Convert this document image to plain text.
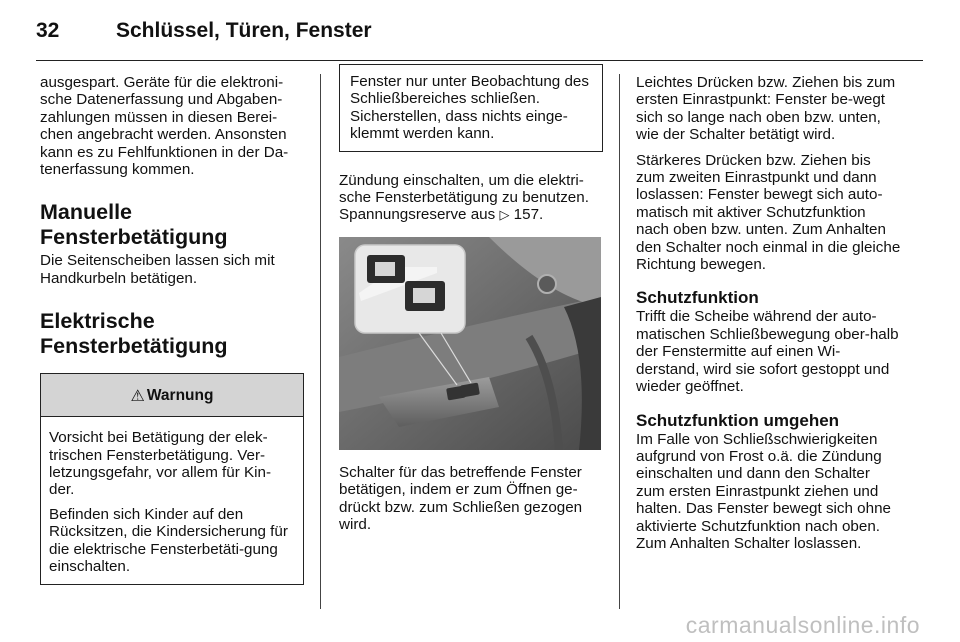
32	Schlüssel, Türen, Fenster

ausgespart. Geräte für die elektroni-sche Datenerfassung und Abgaben-zahlungen müssen in diesen Berei-chen angebracht werden. Ansonsten kann es zu Fehlfunktionen in der Da-tenerfassung kommen.

Manuelle
Fensterbetätigung

Die Seitenscheiben lassen sich mit Handkurbeln betätigen.

Elektrische
Fensterbetätigung
⚠ Warnung

Vorsicht bei Betätigung der elek-trischen Fensterbetätigung. Ver-letzungsgefahr, vor allem für Kin-der.

Befinden sich Kinder auf den Rücksitzen, die Kindersicherung für die elektrische Fensterbetäti-gung einschalten.

Fenster nur unter Beobachtung des Schließbereiches schließen. Sicherstellen, dass nichts einge-klemmt werden kann.

Zündung einschalten, um die elektri-sche Fensterbetätigung zu benutzen. Spannungsreserve aus ▷ 157.

Schalter für das betreffende Fenster betätigen, indem er zum Öffnen ge-drückt bzw. zum Schließen gezogen wird.

Leichtes Drücken bzw. Ziehen bis zum ersten Einrastpunkt: Fenster be-wegt sich so lange nach oben bzw. unten, wie der Schalter betätigt wird.

Stärkeres Drücken bzw. Ziehen bis zum zweiten Einrastpunkt und dann loslassen: Fenster bewegt sich auto-matisch mit aktiver Schutzfunktion nach oben bzw. unten. Zum Anhalten den Schalter noch einmal in die gleiche Richtung bewegen.

Schutzfunktion

Trifft die Scheibe während der auto-matischen Schließbewegung ober-halb der Fenstermitte auf einen Wi-derstand, wird sie sofort gestoppt und wieder geöffnet.

Schutzfunktion umgehen

Im Falle von Schließschwierigkeiten aufgrund von Frost o.ä. die Zündung einschalten und dann den Schalter zum ersten Einrastpunkt ziehen und halten. Das Fenster bewegt sich ohne aktivierte Schutzfunktion nach oben. Zum Anhalten Schalter loslassen.

carmanualsonline.info
